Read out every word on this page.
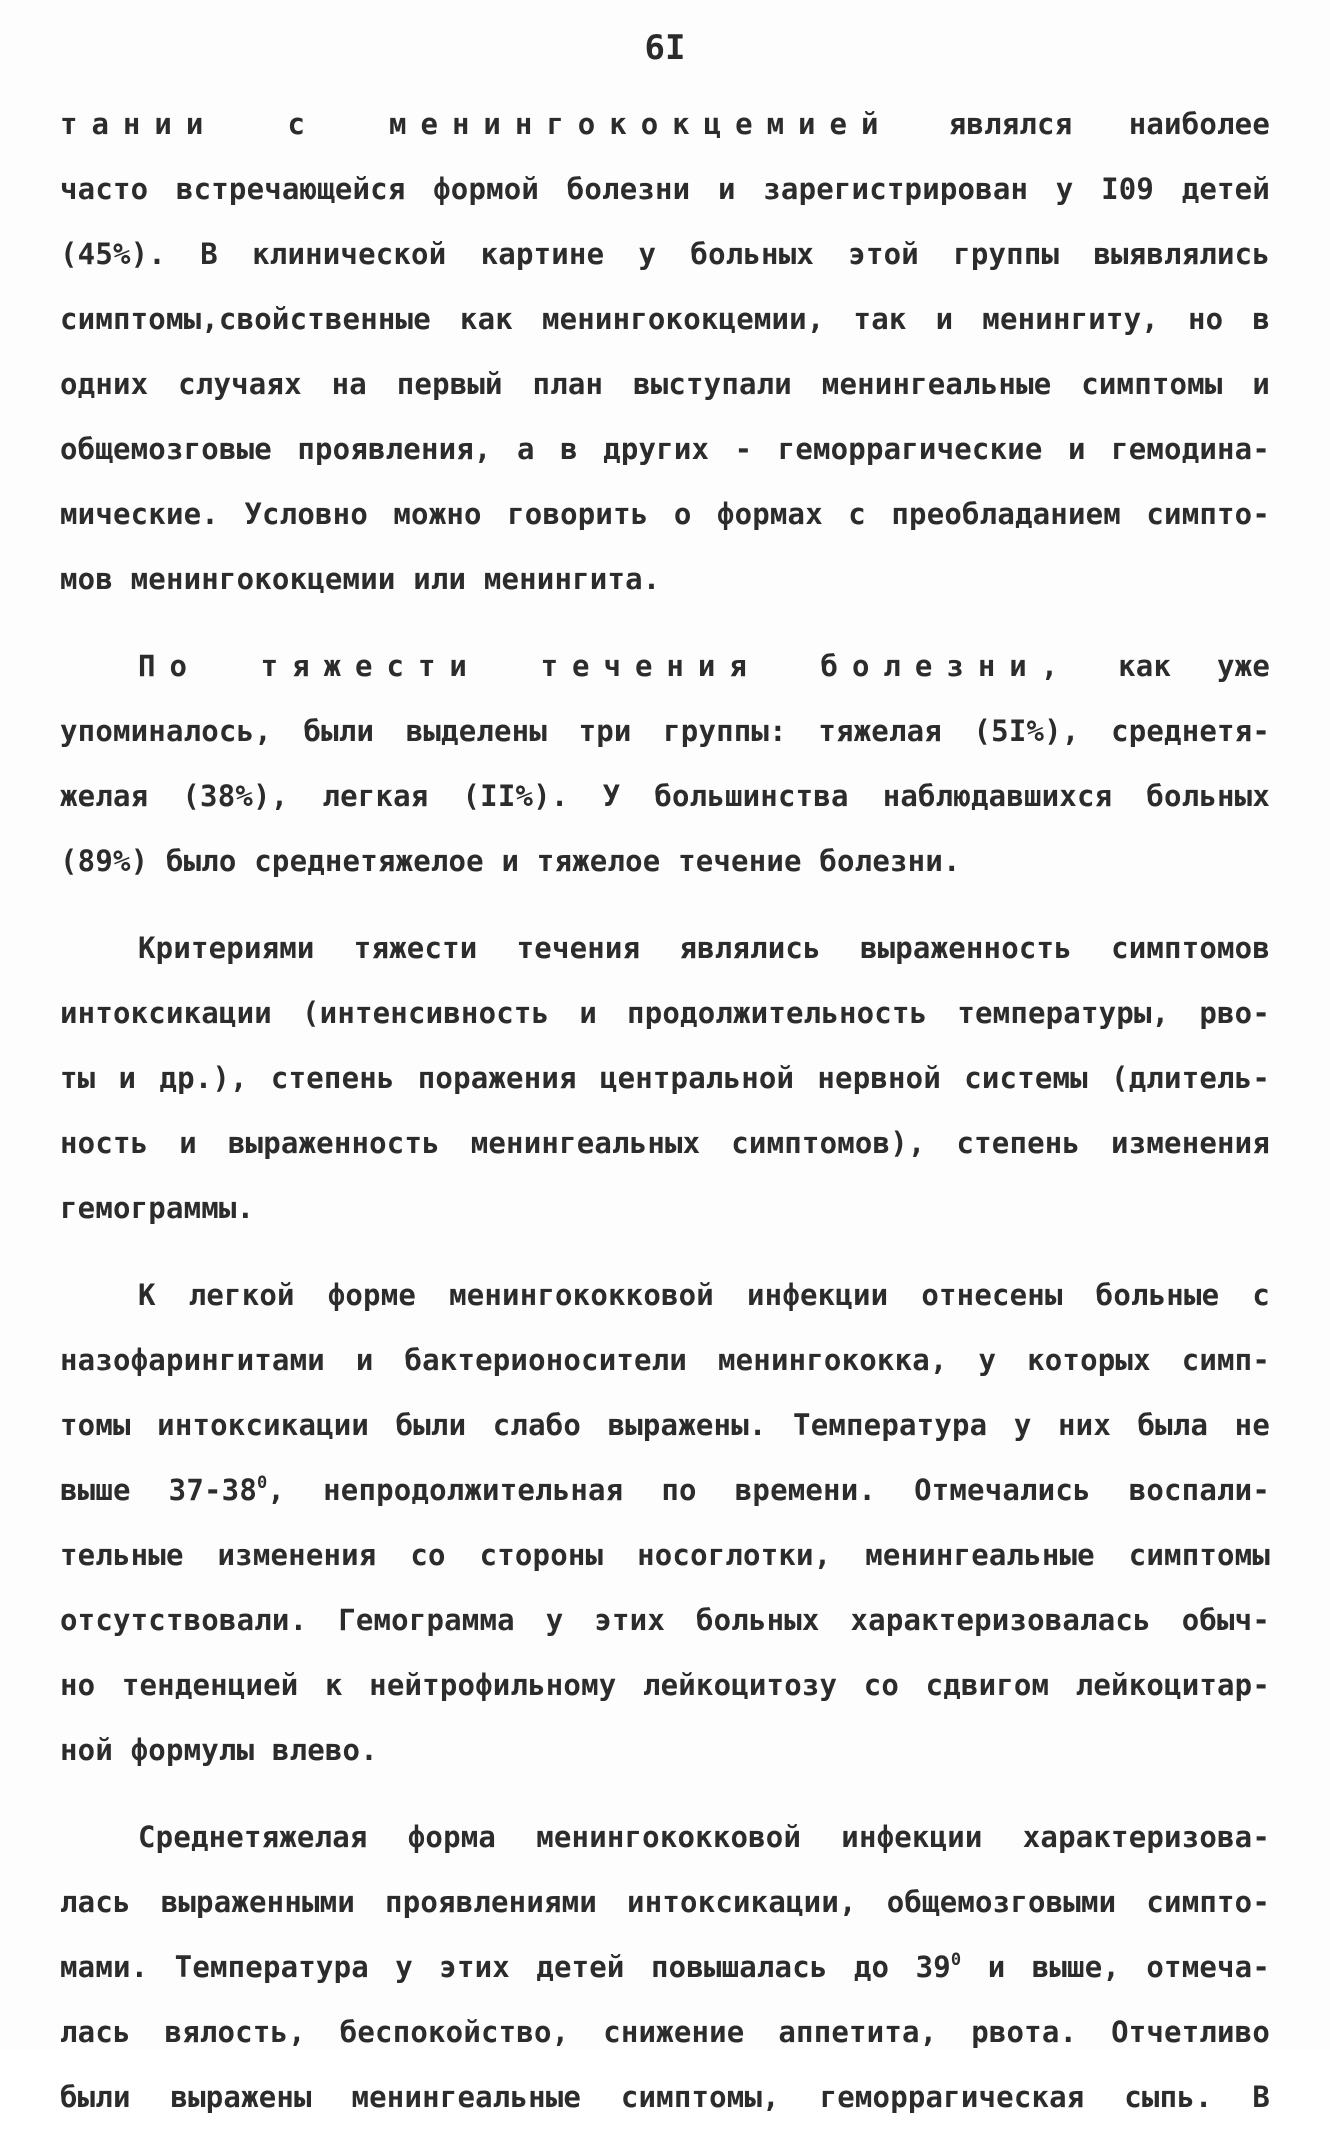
6I
тании с менингококцемией являлся наиболее
часто встречающейся формой болезни и зарегистрирован у I09 детей
(45%). В клинической картине у больных этой группы выявлялись
симптомы,свойственные как менингококцемии, так и менингиту, но в
одних случаях на первый план выступали менингеальные симптомы и
общемозговые проявления, а в других - геморрагические и гемодина-
мические. Условно можно говорить о формах с преобладанием симпто-
мов менингококцемии или менингита.
По тяжести течения болезни, как уже
упоминалось, были выделены три группы: тяжелая (5I%), среднетя-
желая (38%), легкая (II%). У большинства наблюдавшихся больных
(89%) было среднетяжелое и тяжелое течение болезни.
Критериями тяжести течения являлись выраженность симптомов
интоксикации (интенсивность и продолжительность температуры, рво-
ты и др.), степень поражения центральной нервной системы (длитель-
ность и выраженность менингеальных симптомов), степень изменения
гемограммы.
К легкой форме менингококковой инфекции отнесены больные с
назофарингитами и бактерионосители менингококка, у которых симп-
томы интоксикации были слабо выражены. Температура у них была не
выше $37-38^0$, непродолжительная по времени. Отмечались воспали-
тельные изменения со стороны носоглотки, менингеальные симптомы
отсутствовали. Гемограмма у этих больных характеризовалась обыч-
но тенденцией к нейтрофильному лейкоцитозу со сдвигом лейкоцитар-
ной формулы влево.
Среднетяжелая форма менингококковой инфекции характеризова-
лась выраженными проявлениями интоксикации, общемозговыми симпто-
мами. Температура у этих детей повышалась до $39^0$ и выше, отмеча-
лась вялость, беспокойство, снижение аппетита, рвота. Отчетливо
были выражены менингеальные симптомы, геморрагическая сыпь. В
